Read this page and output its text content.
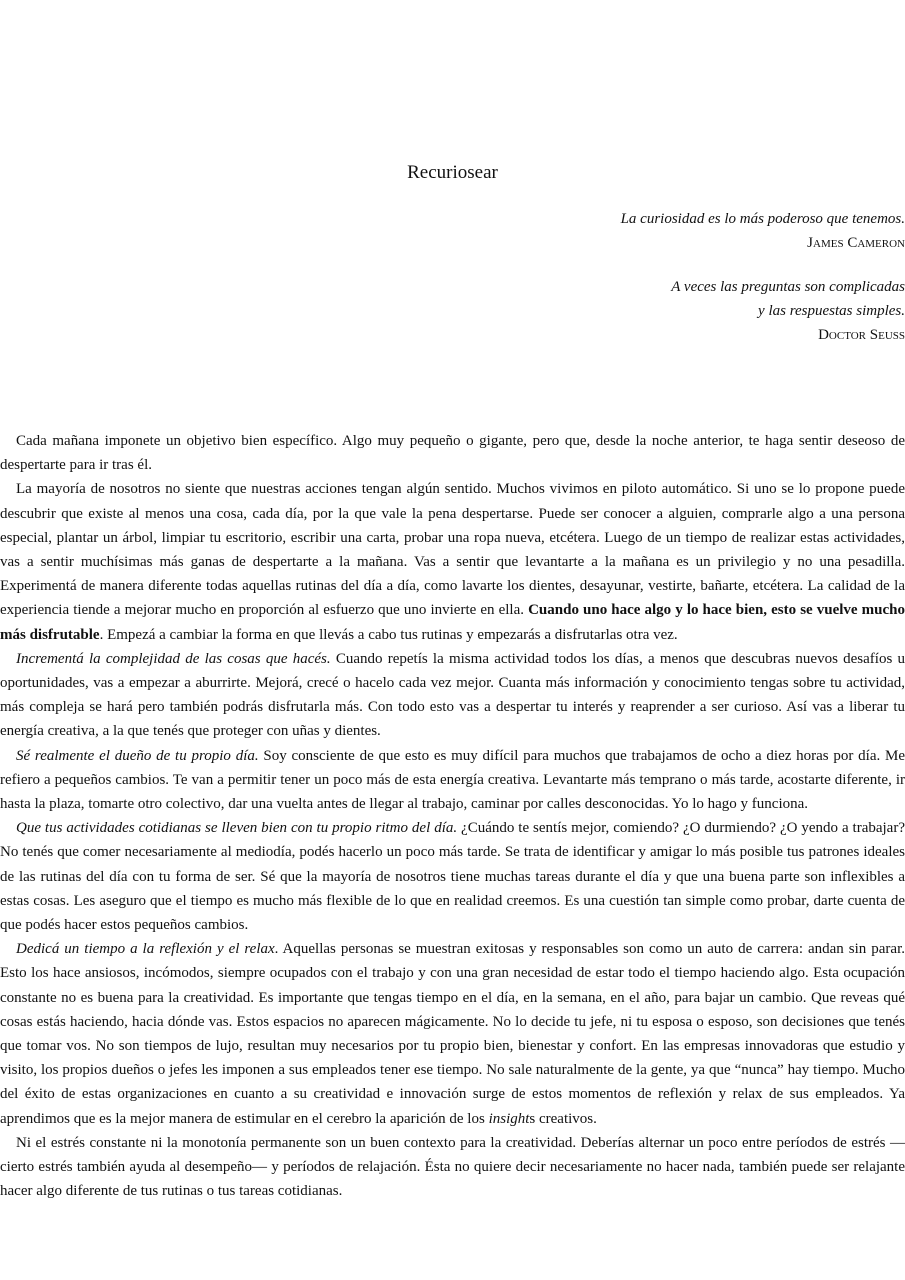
Recuriosear
La curiosidad es lo más poderoso que tenemos.
James Cameron
A veces las preguntas son complicadas
y las respuestas simples.
Doctor Seuss

Cada mañana imponete un objetivo bien específico. Algo muy pequeño o gigante, pero que, desde la noche anterior, te haga sentir deseoso de despertarte para ir tras él.

La mayoría de nosotros no siente que nuestras acciones tengan algún sentido. Muchos vivimos en piloto automático. Si uno se lo propone puede descubrir que existe al menos una cosa, cada día, por la que vale la pena despertarse. Puede ser conocer a alguien, comprarle algo a una persona especial, plantar un árbol, limpiar tu escritorio, escribir una carta, probar una ropa nueva, etcétera. Luego de un tiempo de realizar estas actividades, vas a sentir muchísimas más ganas de despertarte a la mañana. Vas a sentir que levantarte a la mañana es un privilegio y no una pesadilla. Experimentá de manera diferente todas aquellas rutinas del día a día, como lavarte los dientes, desayunar, vestirte, bañarte, etcétera. La calidad de la experiencia tiende a mejorar mucho en proporción al esfuerzo que uno invierte en ella. Cuando uno hace algo y lo hace bien, esto se vuelve mucho más disfrutable. Empezá a cambiar la forma en que llevás a cabo tus rutinas y empezarás a disfrutarlas otra vez.

Incrementá la complejidad de las cosas que hacés. Cuando repetís la misma actividad todos los días, a menos que descubras nuevos desafíos u oportunidades, vas a empezar a aburrirte. Mejorá, crecé o hacelo cada vez mejor. Cuanta más información y conocimiento tengas sobre tu actividad, más compleja se hará pero también podrás disfrutarla más. Con todo esto vas a despertar tu interés y reaprender a ser curioso. Así vas a liberar tu energía creativa, a la que tenés que proteger con uñas y dientes.

Sé realmente el dueño de tu propio día. Soy consciente de que esto es muy difícil para muchos que trabajamos de ocho a diez horas por día. Me refiero a pequeños cambios. Te van a permitir tener un poco más de esta energía creativa. Levantarte más temprano o más tarde, acostarte diferente, ir hasta la plaza, tomarte otro colectivo, dar una vuelta antes de llegar al trabajo, caminar por calles desconocidas. Yo lo hago y funciona.

Que tus actividades cotidianas se lleven bien con tu propio ritmo del día. ¿Cuándo te sentís mejor, comiendo? ¿O durmiendo? ¿O yendo a trabajar? No tenés que comer necesariamente al mediodía, podés hacerlo un poco más tarde. Se trata de identificar y amigar lo más posible tus patrones ideales de las rutinas del día con tu forma de ser. Sé que la mayoría de nosotros tiene muchas tareas durante el día y que una buena parte son inflexibles a estas cosas. Les aseguro que el tiempo es mucho más flexible de lo que en realidad creemos. Es una cuestión tan simple como probar, darte cuenta de que podés hacer estos pequeños cambios.

Dedicá un tiempo a la reflexión y el relax. Aquellas personas se muestran exitosas y responsables son como un auto de carrera: andan sin parar. Esto los hace ansiosos, incómodos, siempre ocupados con el trabajo y con una gran necesidad de estar todo el tiempo haciendo algo. Esta ocupación constante no es buena para la creatividad. Es importante que tengas tiempo en el día, en la semana, en el año, para bajar un cambio. Que reveas qué cosas estás haciendo, hacia dónde vas. Estos espacios no aparecen mágicamente. No lo decide tu jefe, ni tu esposa o esposo, son decisiones que tenés que tomar vos. No son tiempos de lujo, resultan muy necesarios por tu propio bien, bienestar y confort. En las empresas innovadoras que estudio y visito, los propios dueños o jefes les imponen a sus empleados tener ese tiempo. No sale naturalmente de la gente, ya que “nunca” hay tiempo. Mucho del éxito de estas organizaciones en cuanto a su creatividad e innovación surge de estos momentos de reflexión y relax de sus empleados. Ya aprendimos que es la mejor manera de estimular en el cerebro la aparición de los insights creativos.

Ni el estrés constante ni la monotonía permanente son un buen contexto para la creatividad. Deberías alternar un poco entre períodos de estrés —cierto estrés también ayuda al desempeño— y períodos de relajación. Ésta no quiere decir necesariamente no hacer nada, también puede ser relajante hacer algo diferente de tus rutinas o tus tareas cotidianas.
